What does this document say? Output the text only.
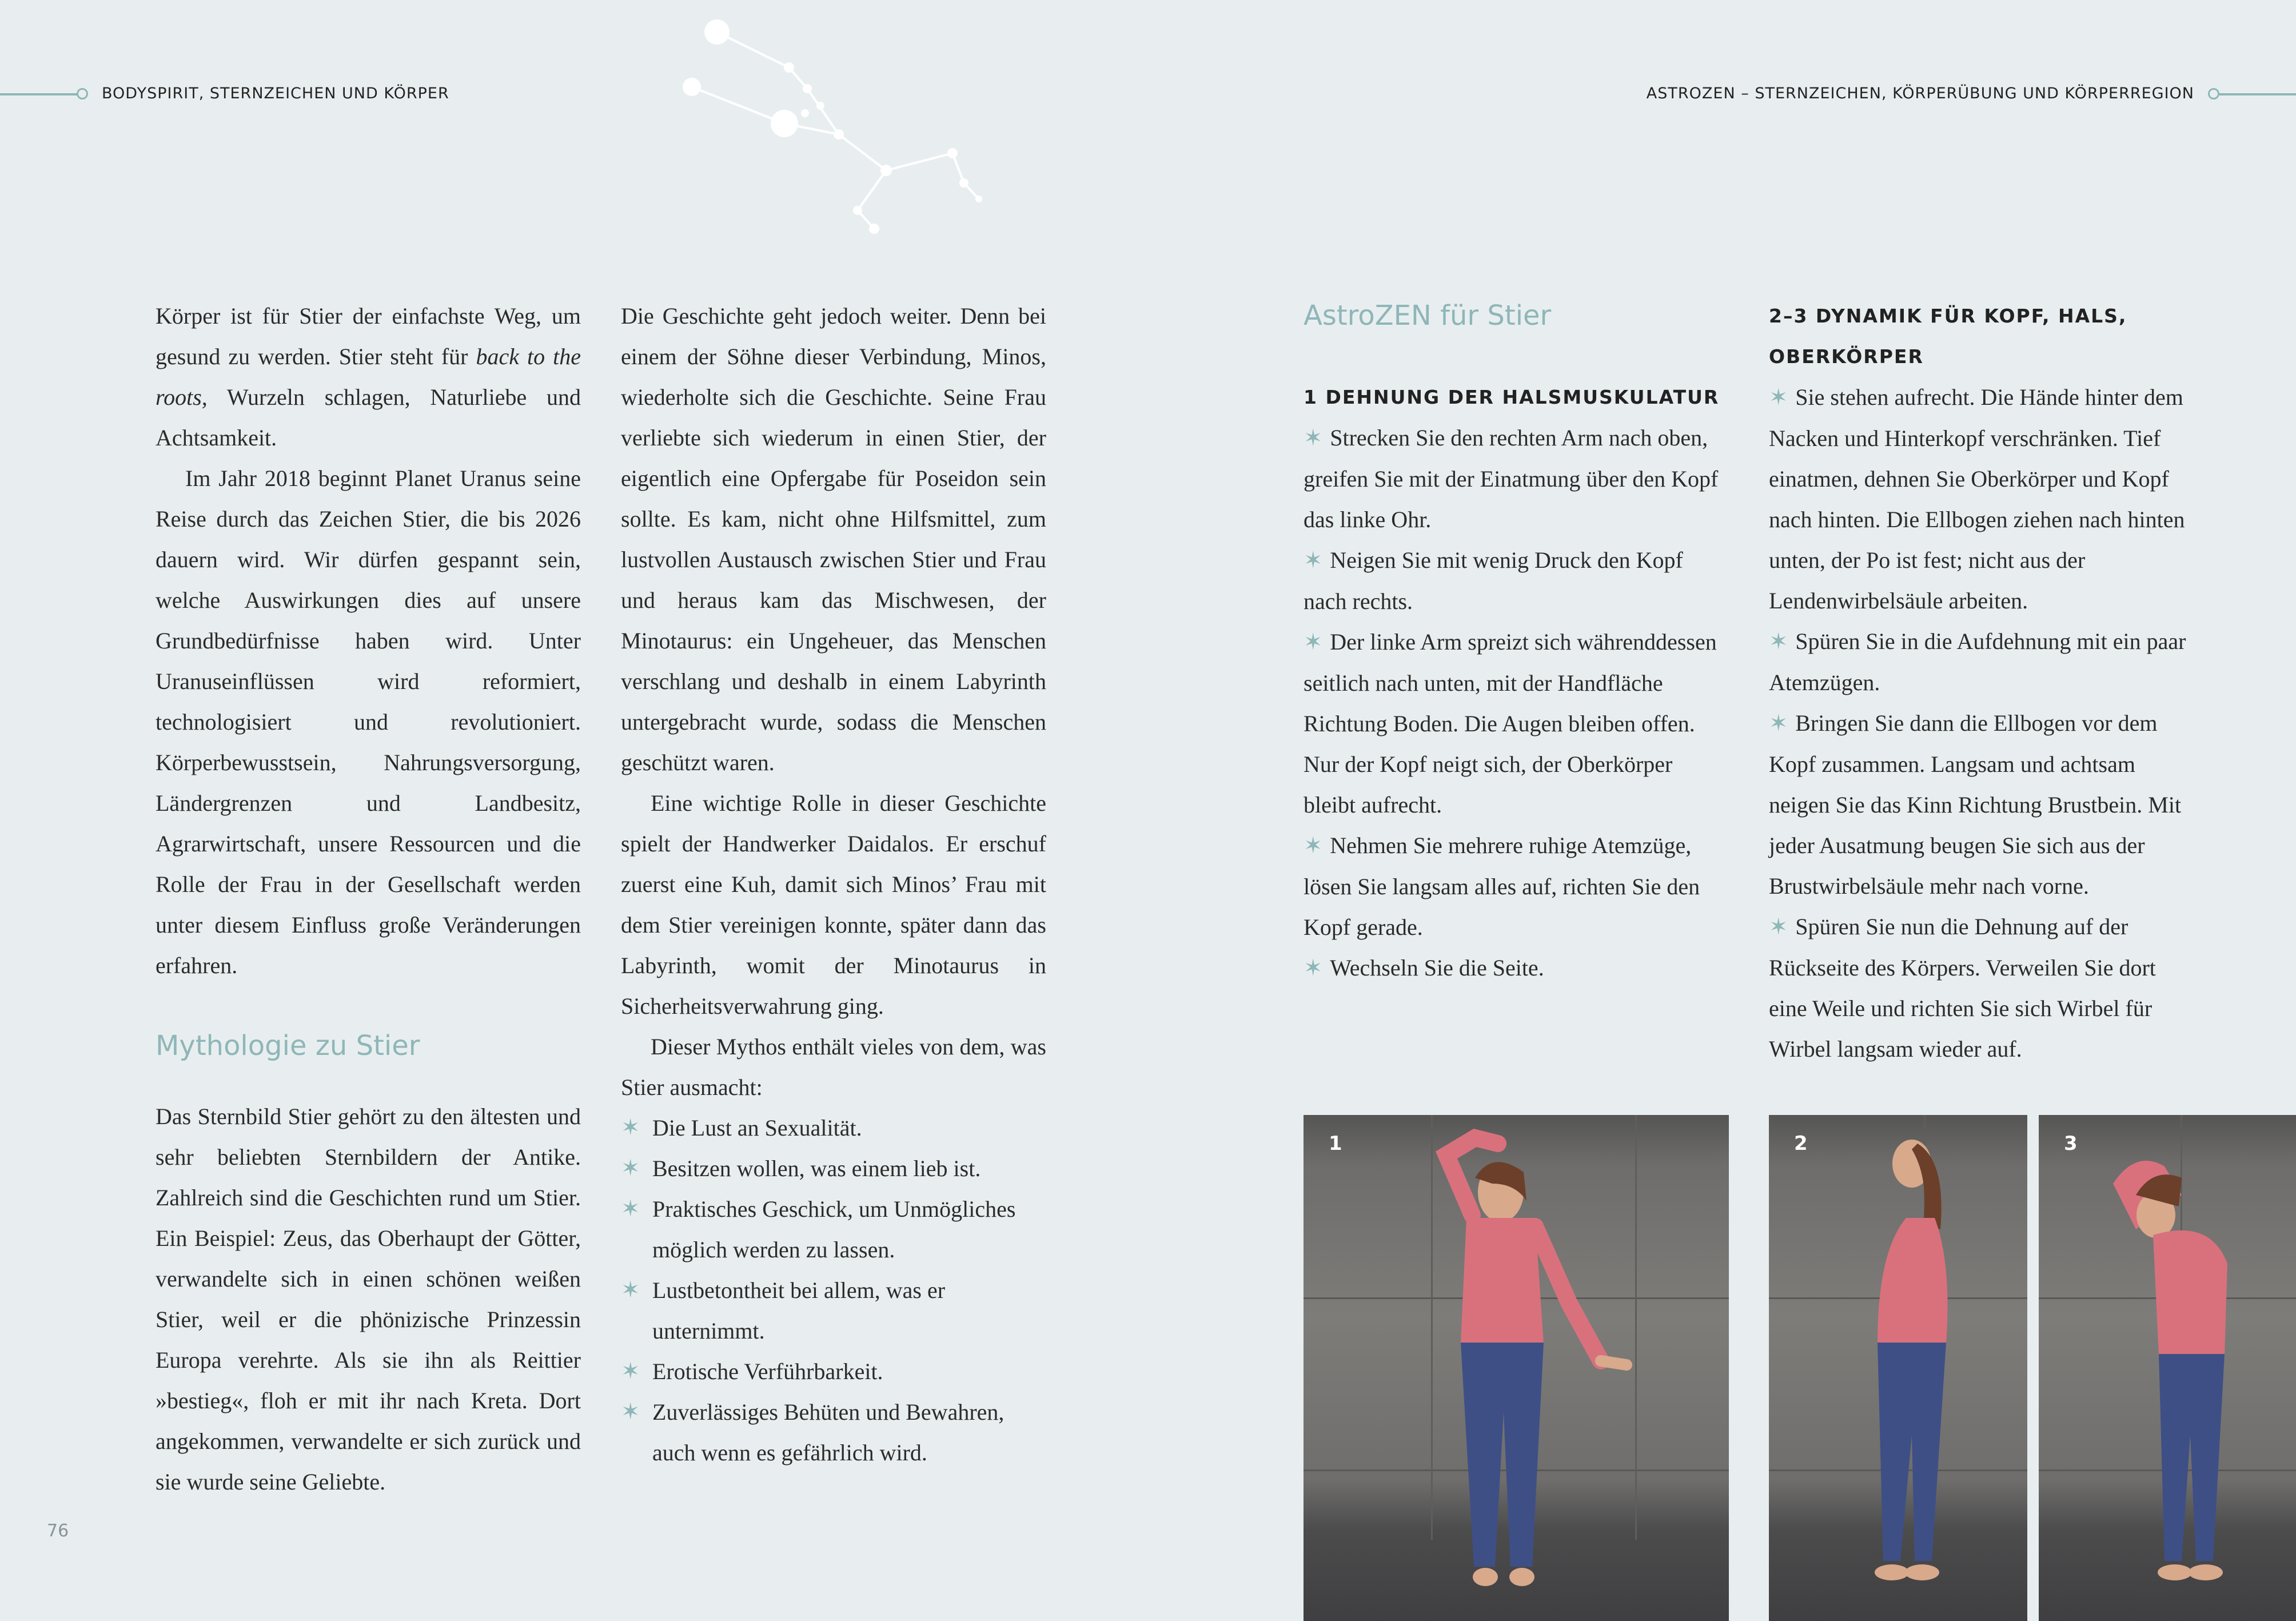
BODYSPIRIT, STERNZEICHEN UND KÖRPER	ASTROZEN – STERNZEICHEN, KÖRPERÜBUNG UND KÖRPERREGION

Körper ist für Stier der einfachste Weg, um gesund zu werden. Stier steht für back to the roots, Wurzeln schlagen, Naturliebe und Achtsamkeit.

Im Jahr 2018 beginnt Planet Uranus seine Reise durch das Zeichen Stier, die bis 2026 dauern wird. Wir dürfen gespannt sein, welche Auswirkungen dies auf unsere Grundbedürfnisse haben wird. Unter Uranuseinflüssen wird reformiert, technologisiert und revolutioniert. Körperbewusstsein, Nahrungsversorgung, Ländergrenzen und Landbesitz, Agrarwirtschaft, unsere Ressourcen und die Rolle der Frau in der Gesellschaft werden unter diesem Einfluss große Veränderungen erfahren.

Mythologie zu Stier

Das Sternbild Stier gehört zu den ältesten und sehr beliebten Sternbildern der Antike. Zahlreich sind die Geschichten rund um Stier. Ein Beispiel: Zeus, das Oberhaupt der Götter, verwandelte sich in einen schönen weißen Stier, weil er die phönizische Prinzessin Europa verehrte. Als sie ihn als Reittier »bestieg«, floh er mit ihr nach Kreta. Dort angekommen, verwandelte er sich zurück und sie wurde seine Geliebte.

Die Geschichte geht jedoch weiter. Denn bei einem der Söhne dieser Verbindung, Minos, wiederholte sich die Geschichte. Seine Frau verliebte sich wiederum in einen Stier, der eigentlich eine Opfergabe für Poseidon sein sollte. Es kam, nicht ohne Hilfsmittel, zum lustvollen Austausch zwischen Stier und Frau und heraus kam das Mischwesen, der Minotaurus: ein Ungeheuer, das Menschen verschlang und deshalb in einem Labyrinth untergebracht wurde, sodass die Menschen geschützt waren.

Eine wichtige Rolle in dieser Geschichte spielt der Handwerker Daidalos. Er erschuf zuerst eine Kuh, damit sich Minos’ Frau mit dem Stier vereinigen konnte, später dann das Labyrinth, womit der Minotaurus in Sicherheitsverwahrung ging.

Dieser Mythos enthält vieles von dem, was Stier ausmacht:

✶ Die Lust an Sexualität.
✶ Besitzen wollen, was einem lieb ist.
✶ Praktisches Geschick, um Unmögliches möglich werden zu lassen.
✶ Lustbetontheit bei allem, was er unternimmt.
✶ Erotische Verführbarkeit.
✶ Zuverlässiges Behüten und Bewahren, auch wenn es gefährlich wird.
AstroZEN für Stier
1 DEHNUNG DER HALSMUSKULATUR

✶ Strecken Sie den rechten Arm nach oben, greifen Sie mit der Einatmung über den Kopf das linke Ohr.

✶ Neigen Sie mit wenig Druck den Kopf nach rechts.

✶ Der linke Arm spreizt sich währenddessen seitlich nach unten, mit der Handfläche Richtung Boden. Die Augen bleiben offen. Nur der Kopf neigt sich, der Oberkörper bleibt aufrecht.

✶ Nehmen Sie mehrere ruhige Atemzüge, lösen Sie langsam alles auf, richten Sie den Kopf gerade.

✶ Wechseln Sie die Seite.

2–3 DYNAMIK FÜR KOPF, HALS,
OBERKÖRPER

✶ Sie stehen aufrecht. Die Hände hinter dem Nacken und Hinterkopf verschränken. Tief einatmen, dehnen Sie Oberkörper und Kopf nach hinten. Die Ellbogen ziehen nach hinten unten, der Po ist fest; nicht aus der Lendenwirbelsäule arbeiten.

✶ Spüren Sie in die Aufdehnung mit ein paar Atemzügen.

✶ Bringen Sie dann die Ellbogen vor dem Kopf zusammen. Langsam und achtsam neigen Sie das Kinn Richtung Brustbein. Mit jeder Ausatmung beugen Sie sich aus der Brustwirbelsäule mehr nach vorne.

✶ Spüren Sie nun die Dehnung auf der Rückseite des Körpers. Verweilen Sie dort eine Weile und richten Sie sich Wirbel für Wirbel langsam wieder auf.

1	2	3
76
